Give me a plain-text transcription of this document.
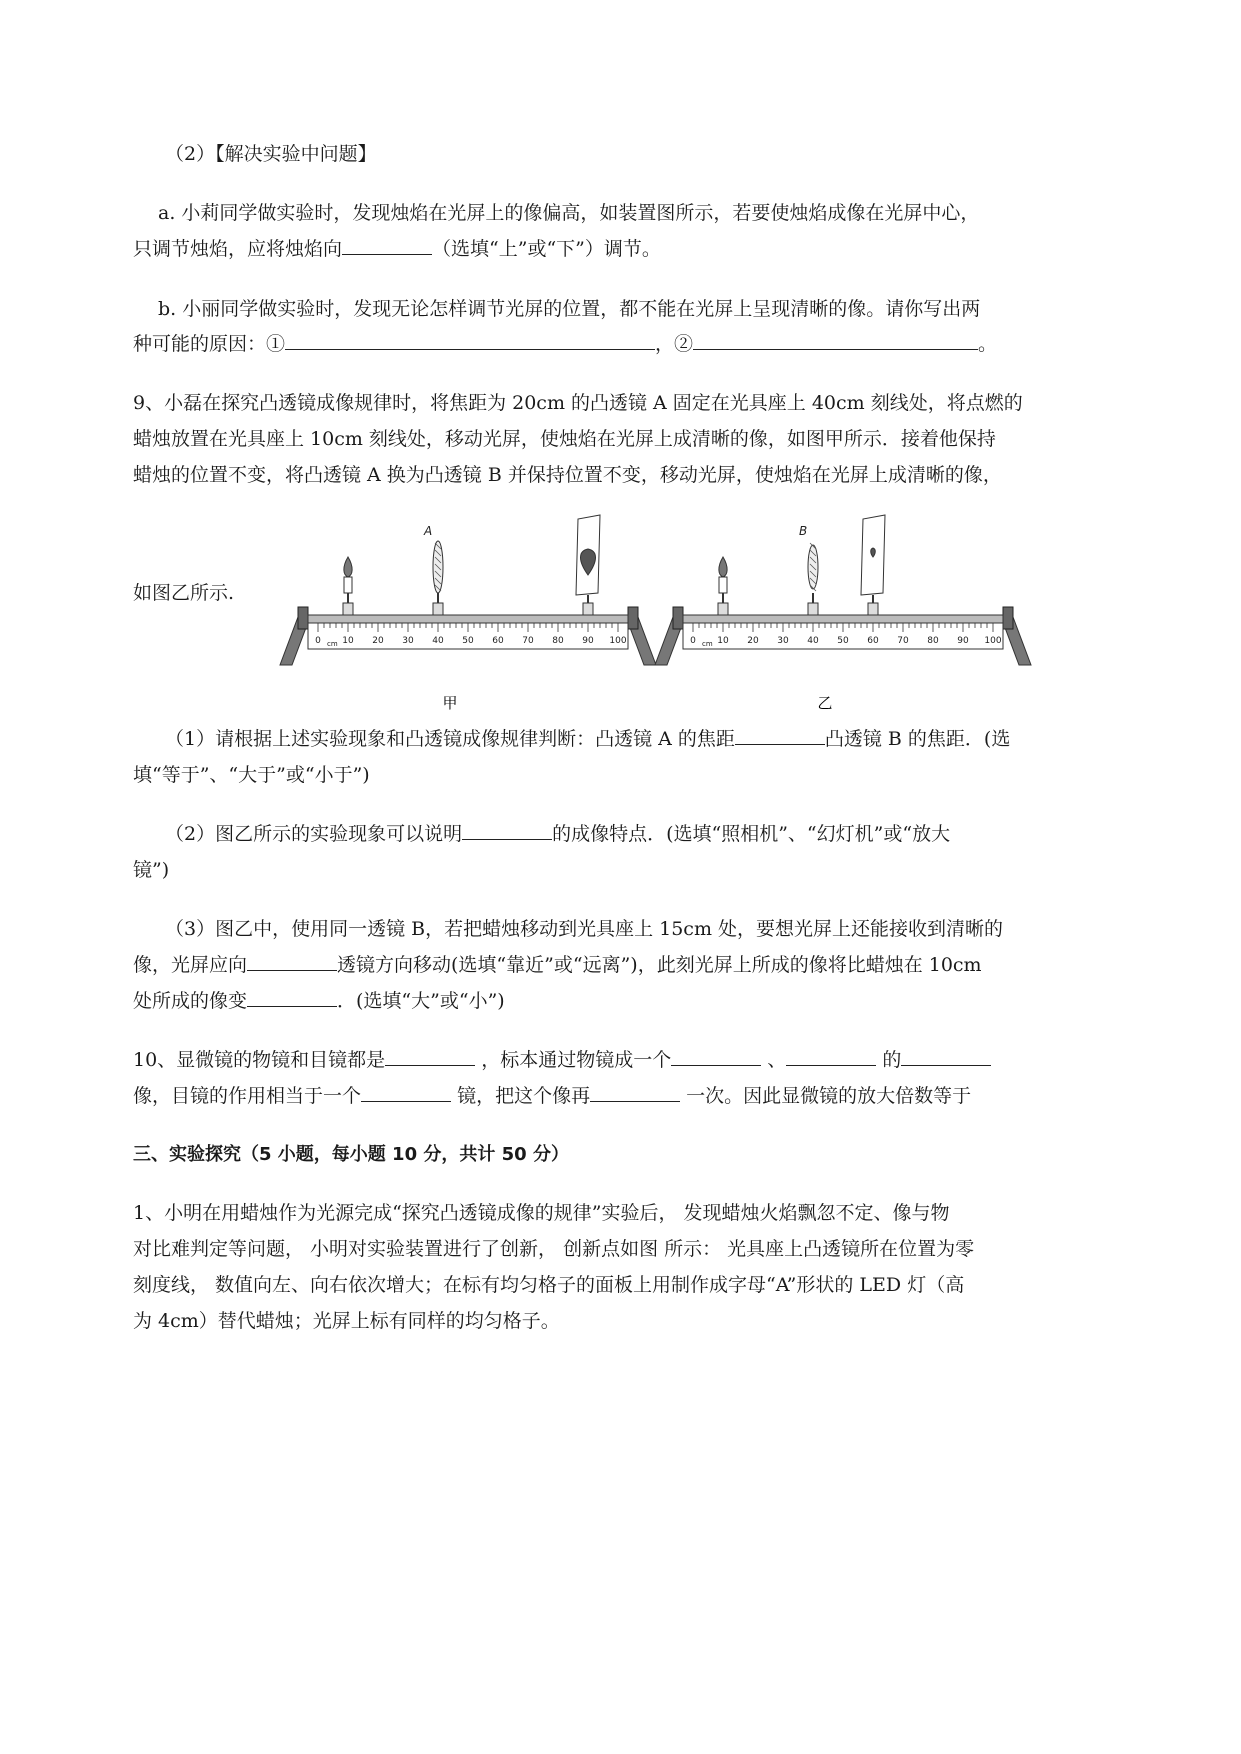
（2）【解决实验中问题】
a. 小莉同学做实验时，发现烛焰在光屏上的像偏高，如装置图所示，若要使烛焰成像在光屏中心，
只调节烛焰，应将烛焰向	（选填“上”或“下”）调节。
b. 小丽同学做实验时，发现无论怎样调节光屏的位置，都不能在光屏上呈现清晰的像。请你写出两
种可能的原因：①	，②	。
9、小磊在探究凸透镜成像规律时，将焦距为 20cm 的凸透镜 A 固定在光具座上 40cm 刻线处，将点燃的
蜡烛放置在光具座上 10cm 刻线处，移动光屏，使烛焰在光屏上成清晰的像，如图甲所示．接着他保持
蜡烛的位置不变，将凸透镜 A 换为凸透镜 B 并保持位置不变，移动光屏，使烛焰在光屏上成清晰的像，
如图乙所示.
0 10 20 30 40 50 60 70 80 90 100
cm
A
0 10 20 30 40 50 60 70 80 90 100
cm
B
甲	乙
（1）请根据上述实验现象和凸透镜成像规律判断：凸透镜 A 的焦距	凸透镜 B 的焦距．(选
填“等于”、“大于”或“小于”)
（2）图乙所示的实验现象可以说明	的成像特点．(选填“照相机”、“幻灯机”或“放大
镜”)
（3）图乙中，使用同一透镜 B，若把蜡烛移动到光具座上 15cm 处，要想光屏上还能接收到清晰的
像，光屏应向	透镜方向移动(选填“靠近”或“远离”)，此刻光屏上所成的像将比蜡烛在 10cm
处所成的像变	．(选填“大”或“小”)
10、显微镜的物镜和目镜都是	，标本通过物镜成一个	、	的
像，目镜的作用相当于一个	镜，把这个像再	一次。因此显微镜的放大倍数等于
三、实验探究（5 小题，每小题 10 分，共计 50 分）
1、小明在用蜡烛作为光源完成“探究凸透镜成像的规律”实验后， 发现蜡烛火焰飘忽不定、像与物
对比难判定等问题， 小明对实验装置进行了创新， 创新点如图 所示： 光具座上凸透镜所在位置为零
刻度线， 数值向左、向右依次增大；在标有均匀格子的面板上用制作成字母“A”形状的 LED 灯（高
为 4cm）替代蜡烛；光屏上标有同样的均匀格子。
